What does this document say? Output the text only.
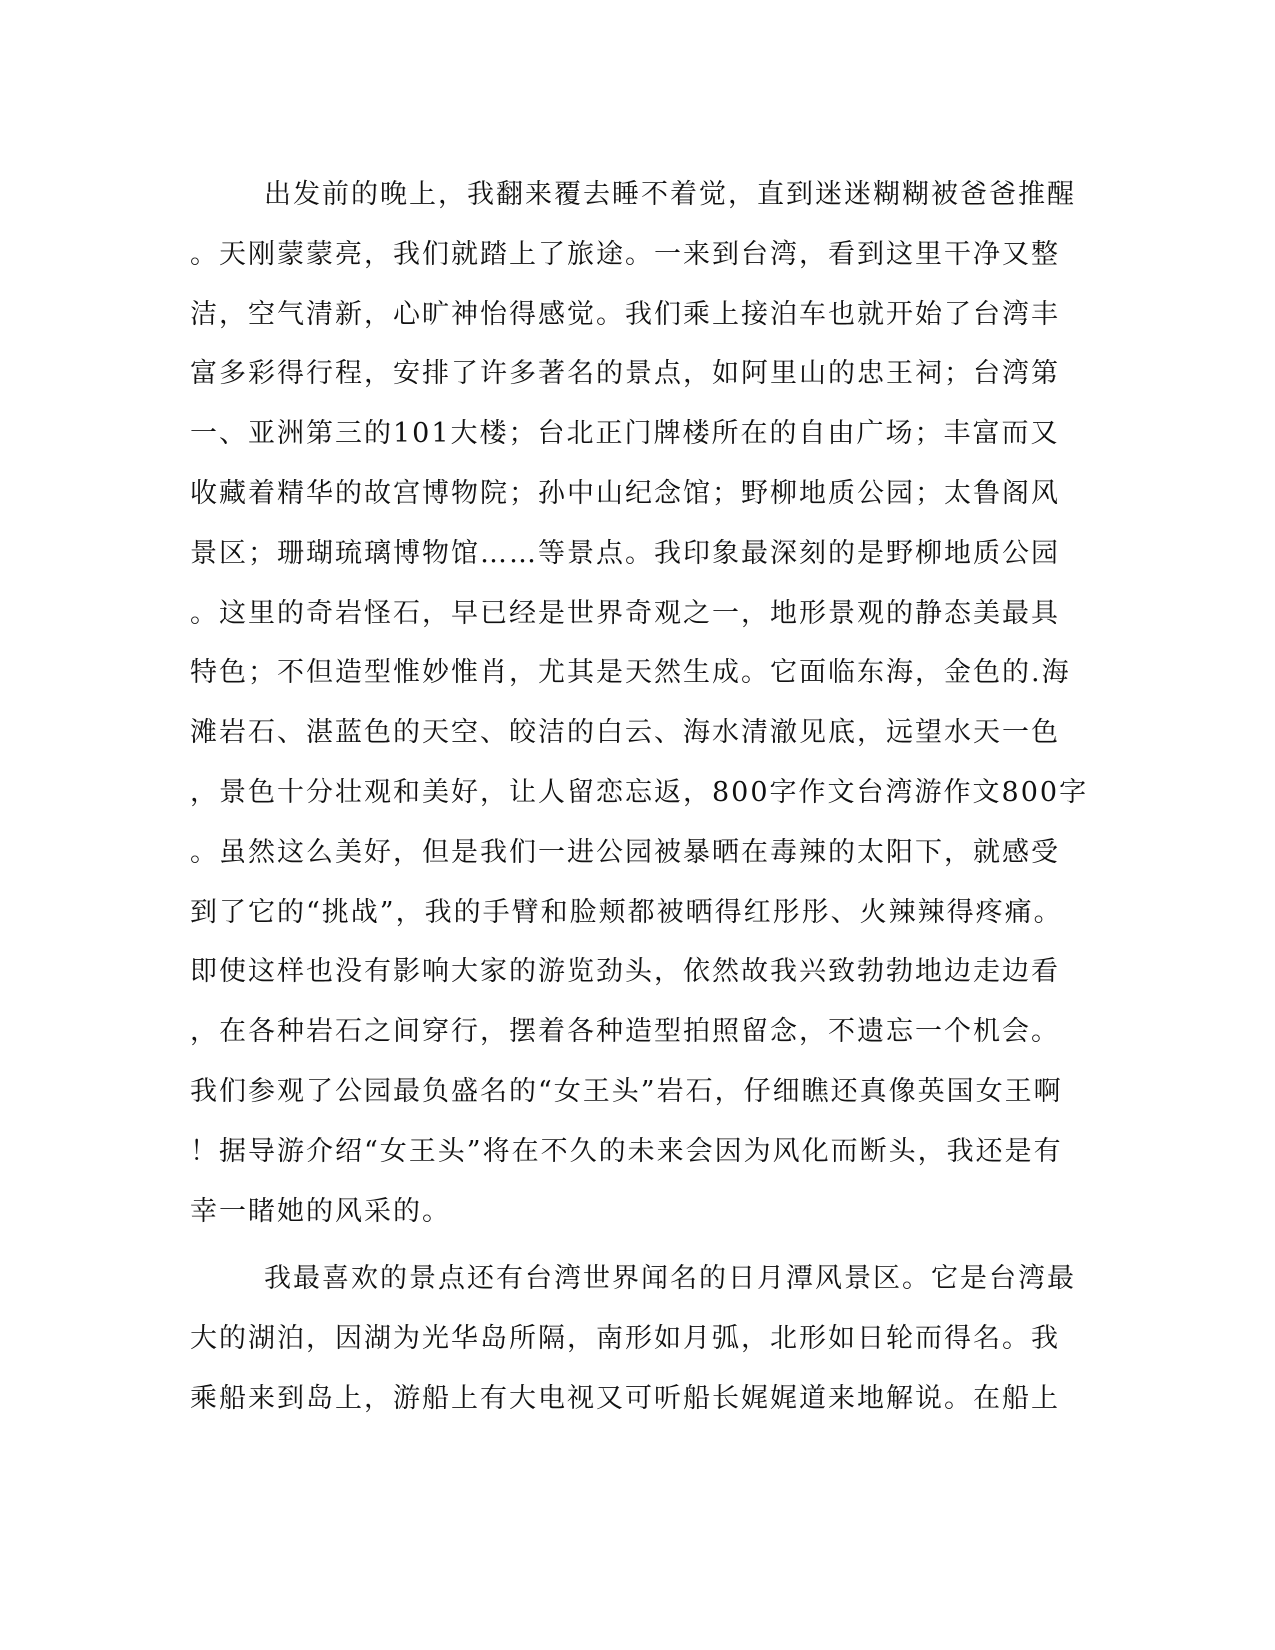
出发前的晚上，我翻来覆去睡不着觉，直到迷迷糊糊被爸爸推醒
。天刚蒙蒙亮，我们就踏上了旅途。一来到台湾，看到这里干净又整
洁，空气清新，心旷神怡得感觉。我们乘上接泊车也就开始了台湾丰
富多彩得行程，安排了许多著名的景点，如阿里山的忠王祠；台湾第
一、亚洲第三的101大楼；台北正门牌楼所在的自由广场；丰富而又
收藏着精华的故宫博物院；孙中山纪念馆；野柳地质公园；太鲁阁风
景区；珊瑚琉璃博物馆……等景点。我印象最深刻的是野柳地质公园
。这里的奇岩怪石，早已经是世界奇观之一，地形景观的静态美最具
特色；不但造型惟妙惟肖，尤其是天然生成。它面临东海，金色的.海
滩岩石、湛蓝色的天空、皎洁的白云、海水清澈见底，远望水天一色
，景色十分壮观和美好，让人留恋忘返，800字作文台湾游作文800字
。虽然这么美好，但是我们一进公园被暴晒在毒辣的太阳下，就感受
到了它的“挑战”，我的手臂和脸颊都被晒得红彤彤、火辣辣得疼痛。
即使这样也没有影响大家的游览劲头，依然故我兴致勃勃地边走边看
，在各种岩石之间穿行，摆着各种造型拍照留念，不遗忘一个机会。
我们参观了公园最负盛名的“女王头”岩石，仔细瞧还真像英国女王啊
！据导游介绍“女王头”将在不久的未来会因为风化而断头，我还是有
幸一睹她的风采的。
我最喜欢的景点还有台湾世界闻名的日月潭风景区。它是台湾最
大的湖泊，因湖为光华岛所隔，南形如月弧，北形如日轮而得名。我
乘船来到岛上，游船上有大电视又可听船长娓娓道来地解说。在船上
